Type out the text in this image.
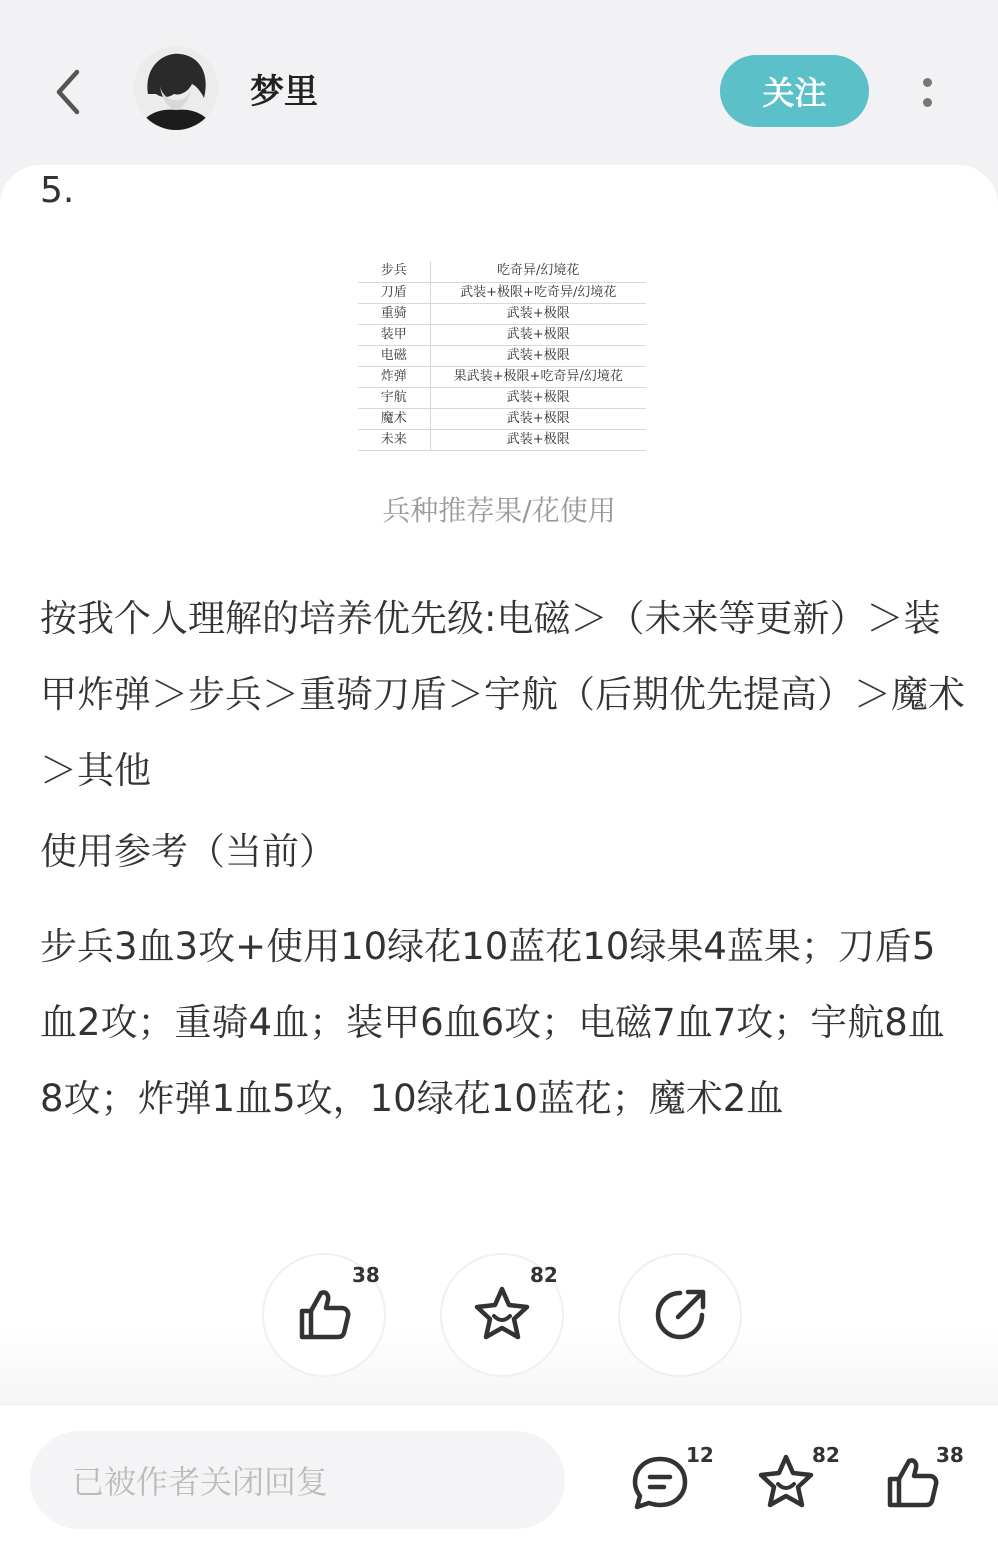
梦里	关注
5.
步兵	吃奇异/幻境花
刀盾	武装+极限+吃奇异/幻境花
重骑	武装+极限
装甲	武装+极限
电磁	武装+极限
炸弹	果武装+极限+吃奇异/幻境花
宇航	武装+极限
魔术	武装+极限
未来	武装+极限
兵种推荐果/花使用
按我个人理解的培养优先级:电磁＞（未来等更新）＞装甲炸弹＞步兵＞重骑刀盾＞宇航（后期优先提高）＞魔术＞其他
使用参考（当前）
步兵3血3攻+使用10绿花10蓝花10绿果4蓝果；刀盾5血2攻；重骑4血；装甲6血6攻；电磁7血7攻；宇航8血8攻；炸弹1血5攻，10绿花10蓝花；魔术2血
38	82
已被作者关闭回复
12	82	38
